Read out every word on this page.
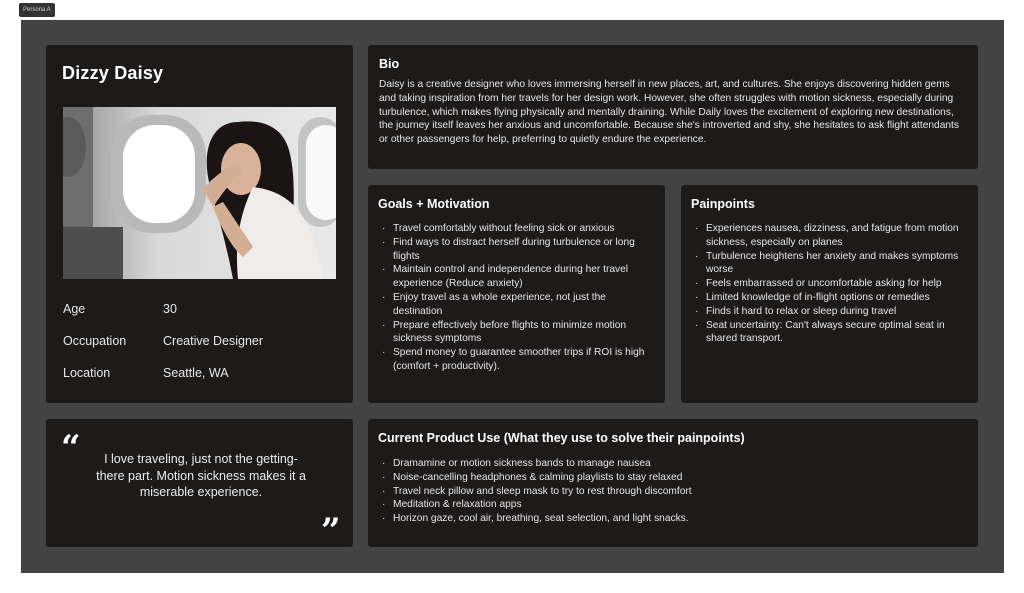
Persona A
Dizzy Daisy
Age	30
Occupation	Creative Designer
Location	Seattle, WA
Bio
Daisy is a creative designer who loves immersing herself in new places, art, and cultures. She enjoys discovering hidden gems and taking inspiration from her travels for her design work. However, she often struggles with motion sickness, especially during turbulence, which makes flying physically and mentally draining. While Daily loves the excitement of exploring new destinations, the journey itself leaves her anxious and uncomfortable. Because she's introverted and shy, she hesitates to ask flight attendants or other passengers for help, preferring to quietly endure the experience.
Goals + Motivation
· Travel comfortably without feeling sick or anxious
· Find ways to distract herself during turbulence or long flights
· Maintain control and independence during her travel experience (Reduce anxiety)
· Enjoy travel as a whole experience, not just the destination
· Prepare effectively before flights to minimize motion sickness symptoms
· Spend money to guarantee smoother trips if ROI is high (comfort + productivity).
Painpoints
· Experiences nausea, dizziness, and fatigue from motion sickness, especially on planes
· Turbulence heightens her anxiety and makes symptoms worse
· Feels embarrassed or uncomfortable asking for help
· Limited knowledge of in-flight options or remedies
· Finds it hard to relax or sleep during travel
· Seat uncertainty: Can't always secure optimal seat in shared transport.
“	I love traveling, just not the getting-there part. Motion sickness makes it a miserable experience.
”
Current Product Use (What they use to solve their painpoints)
· Dramamine or motion sickness bands to manage nausea
· Noise-cancelling headphones & calming playlists to stay relaxed
· Travel neck pillow and sleep mask to try to rest through discomfort
· Meditation & relaxation apps
· Horizon gaze, cool air, breathing, seat selection, and light snacks.
